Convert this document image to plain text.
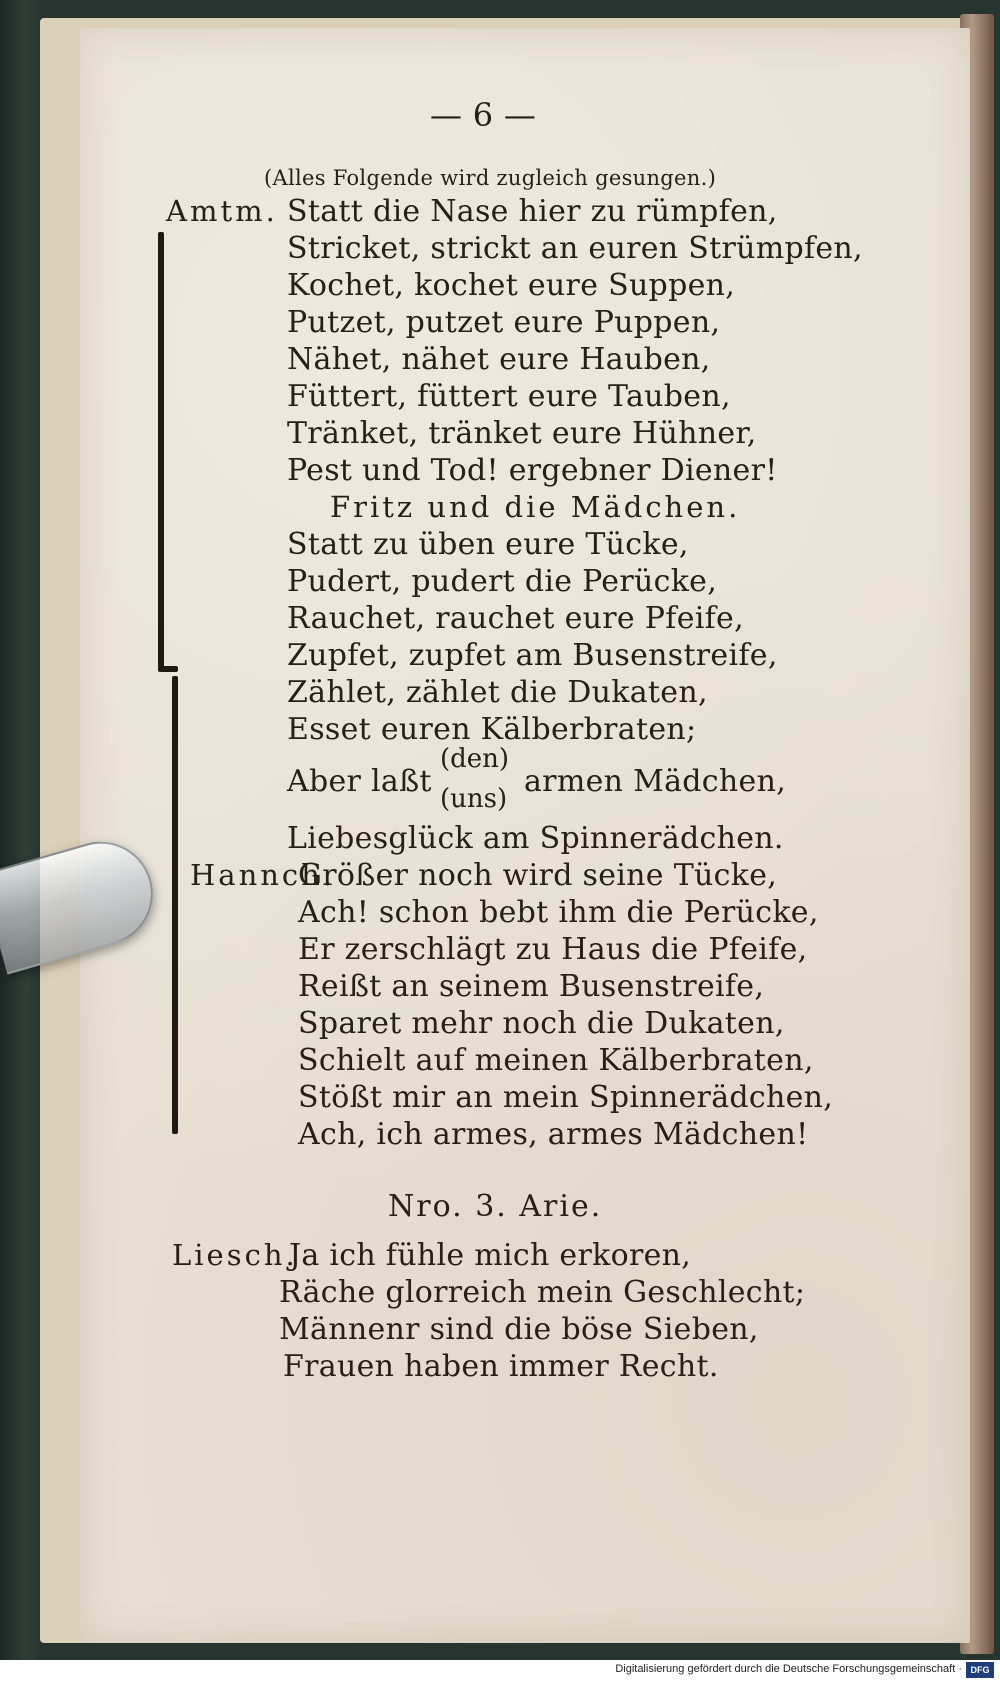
— 6 —
(Alles Folgende wird zugleich gesungen.)
Amtm. Statt die Nase hier zu rümpfen,
Stricket, strickt an euren Strümpfen,
Kochet, kochet eure Suppen,
Putzet, putzet eure Puppen,
Nähet, nähet eure Hauben,
Füttert, füttert eure Tauben,
Tränket, tränket eure Hühner,
Pest und Tod! ergebner Diener!
Fritz und die Mädchen.
Statt zu üben eure Tücke,
Pudert, pudert die Perücke,
Rauchet, rauchet eure Pfeife,
Zupfet, zupfet am Busenstreife,
Zählet, zählet die Dukaten,
Esset euren Kälberbraten;
Aber laßt
(den)
(uns) armen Mädchen,
Liebesglück am Spinnerädchen.
Hannch.
Größer noch wird seine Tücke,
Ach! schon bebt ihm die Perücke,
Er zerschlägt zu Haus die Pfeife,
Reißt an seinem Busenstreife,
Sparet mehr noch die Dukaten,
Schielt auf meinen Kälberbraten,
Stößt mir an mein Spinnerädchen,
Ach, ich armes, armes Mädchen!
Nro. 3. Arie.
Liesch.
Ja ich fühle mich erkoren,
Räche glorreich mein Geschlecht;
Männenr sind die böse Sieben,
Frauen haben immer Recht.
Digitalisierung gefördert durch die Deutsche Forschungsgemeinschaft · DFG
